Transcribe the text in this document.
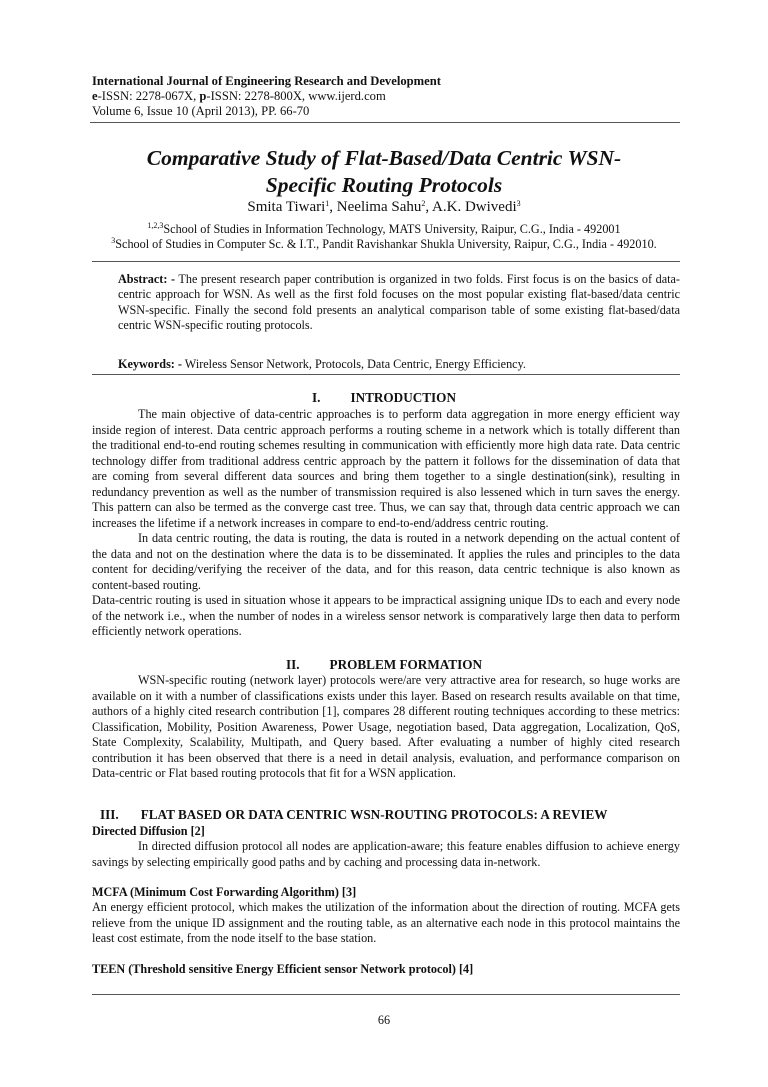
International Journal of Engineering Research and Development
e-ISSN: 2278-067X, p-ISSN: 2278-800X, www.ijerd.com
Volume 6, Issue 10 (April 2013), PP. 66-70
Comparative Study of Flat-Based/Data Centric WSN-
Specific Routing Protocols
Smita Tiwari$^1$, Neelima Sahu$^2$, A.K. Dwivedi$^3$
$^{1,2,3}$School of Studies in Information Technology, MATS University, Raipur, C.G., India - 492001
$^3$School of Studies in Computer Sc. & I.T., Pandit Ravishankar Shukla University, Raipur, C.G., India - 492010.
Abstract: - The present research paper contribution is organized in two folds. First focus is on the basics of data-centric approach for WSN. As well as the first fold focuses on the most popular existing flat-based/data centric WSN-specific. Finally the second fold presents an analytical comparison table of some existing flat-based/data centric WSN-specific routing protocols.
Keywords: - Wireless Sensor Network, Protocols, Data Centric, Energy Efficiency.
I. INTRODUCTION

The main objective of data-centric approaches is to perform data aggregation in more energy efficient way inside region of interest. Data centric approach performs a routing scheme in a network which is totally different than the traditional end-to-end routing schemes resulting in communication with efficiently more high data rate. Data centric technology differ from traditional address centric approach by the pattern it follows for the dissemination of data that are coming from several different data sources and bring them together to a single destination(sink), resulting in redundancy prevention as well as the number of transmission required is also lessened which in turn saves the energy. This pattern can also be termed as the converge cast tree. Thus, we can say that, through data centric approach we can increases the lifetime if a network increases in compare to end-to-end/address centric routing.

In data centric routing, the data is routing, the data is routed in a network depending on the actual content of the data and not on the destination where the data is to be disseminated. It applies the rules and principles to the data content for deciding/verifying the receiver of the data, and for this reason, data centric technique is also known as content-based routing.

Data-centric routing is used in situation whose it appears to be impractical assigning unique IDs to each and every node of the network i.e., when the number of nodes in a wireless sensor network is comparatively large then data to perform efficiently network operations.

II. PROBLEM FORMATION

WSN-specific routing (network layer) protocols were/are very attractive area for research, so huge works are available on it with a number of classifications exists under this layer. Based on research results available on that time, authors of a highly cited research contribution [1], compares 28 different routing techniques according to these metrics: Classification, Mobility, Position Awareness, Power Usage, negotiation based, Data aggregation, Localization, QoS, State Complexity, Scalability, Multipath, and Query based. After evaluating a number of highly cited research contribution it has been observed that there is a need in detail analysis, evaluation, and performance comparison on Data-centric or Flat based routing protocols that fit for a WSN application.

III. FLAT BASED OR DATA CENTRIC WSN-ROUTING PROTOCOLS: A REVIEW
Directed Diffusion [2]

In directed diffusion protocol all nodes are application-aware; this feature enables diffusion to achieve energy savings by selecting empirically good paths and by caching and processing data in-network.

MCFA (Minimum Cost Forwarding Algorithm) [3]

An energy efficient protocol, which makes the utilization of the information about the direction of routing. MCFA gets relieve from the unique ID assignment and the routing table, as an alternative each node in this protocol maintains the least cost estimate, from the node itself to the base station.

TEEN (Threshold sensitive Energy Efficient sensor Network protocol) [4]
66
